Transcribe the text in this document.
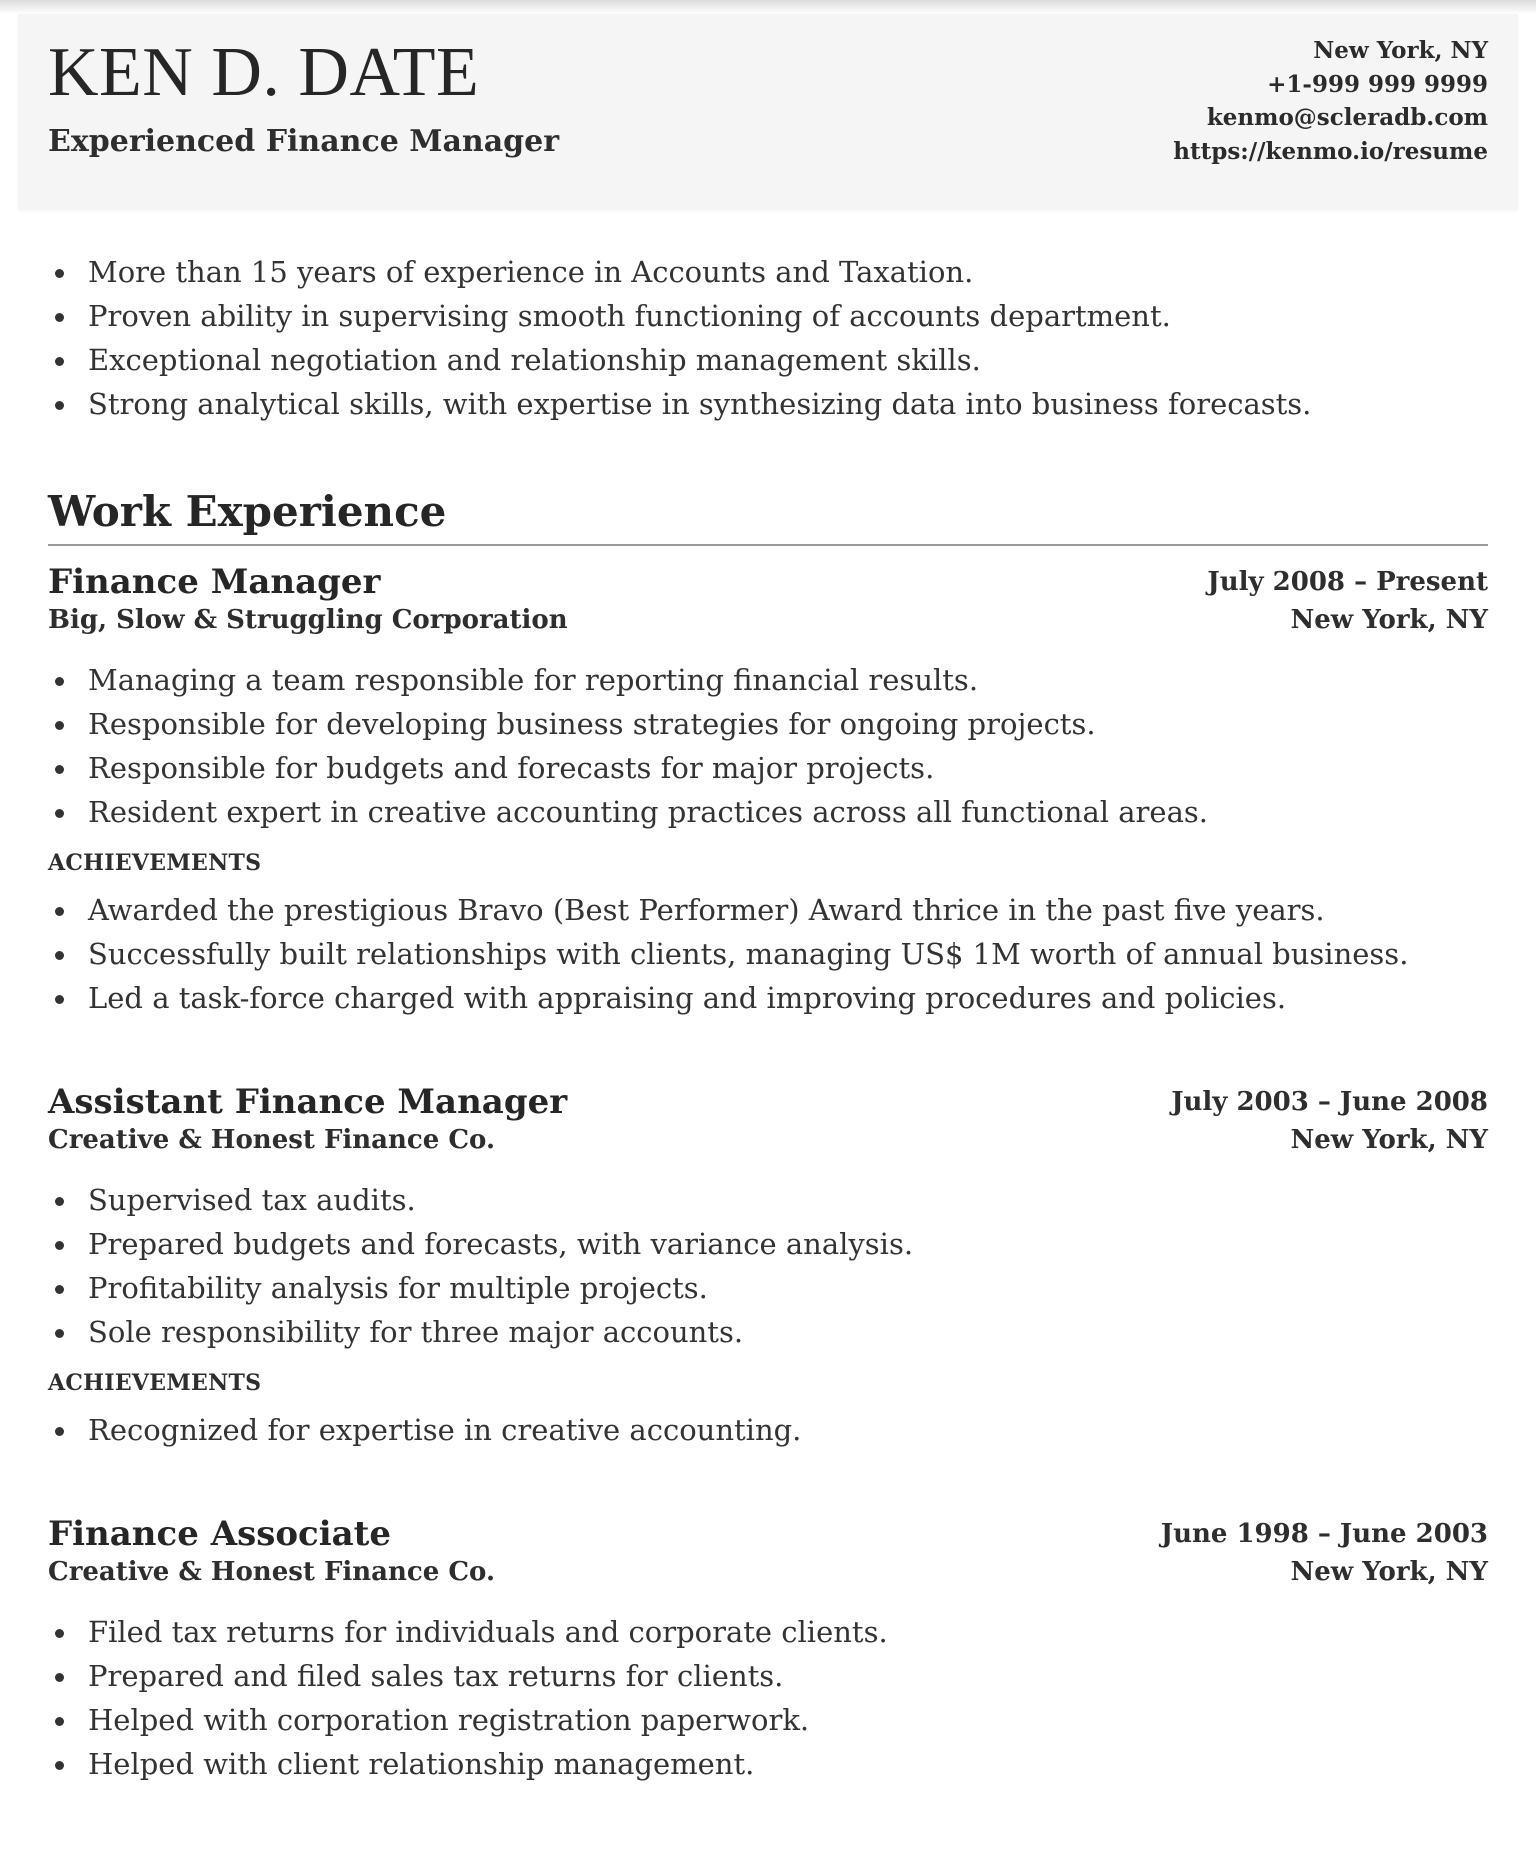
KEN D. DATE
Experienced Finance Manager
New York, NY
+1-999 999 9999
kenmo@scleradb.com
https://kenmo.io/resume
More than 15 years of experience in Accounts and Taxation.
Proven ability in supervising smooth functioning of accounts department.
Exceptional negotiation and relationship management skills.
Strong analytical skills, with expertise in synthesizing data into business forecasts.
Work Experience
Finance Manager
Big, Slow & Struggling Corporation
July 2008 – Present
New York, NY
Managing a team responsible for reporting financial results.
Responsible for developing business strategies for ongoing projects.
Responsible for budgets and forecasts for major projects.
Resident expert in creative accounting practices across all functional areas.
ACHIEVEMENTS
Awarded the prestigious Bravo (Best Performer) Award thrice in the past five years.
Successfully built relationships with clients, managing US$ 1M worth of annual business.
Led a task-force charged with appraising and improving procedures and policies.
Assistant Finance Manager
Creative & Honest Finance Co.
July 2003 – June 2008
New York, NY
Supervised tax audits.
Prepared budgets and forecasts, with variance analysis.
Profitability analysis for multiple projects.
Sole responsibility for three major accounts.
ACHIEVEMENTS
Recognized for expertise in creative accounting.
Finance Associate
Creative & Honest Finance Co.
June 1998 – June 2003
New York, NY
Filed tax returns for individuals and corporate clients.
Prepared and filed sales tax returns for clients.
Helped with corporation registration paperwork.
Helped with client relationship management.
